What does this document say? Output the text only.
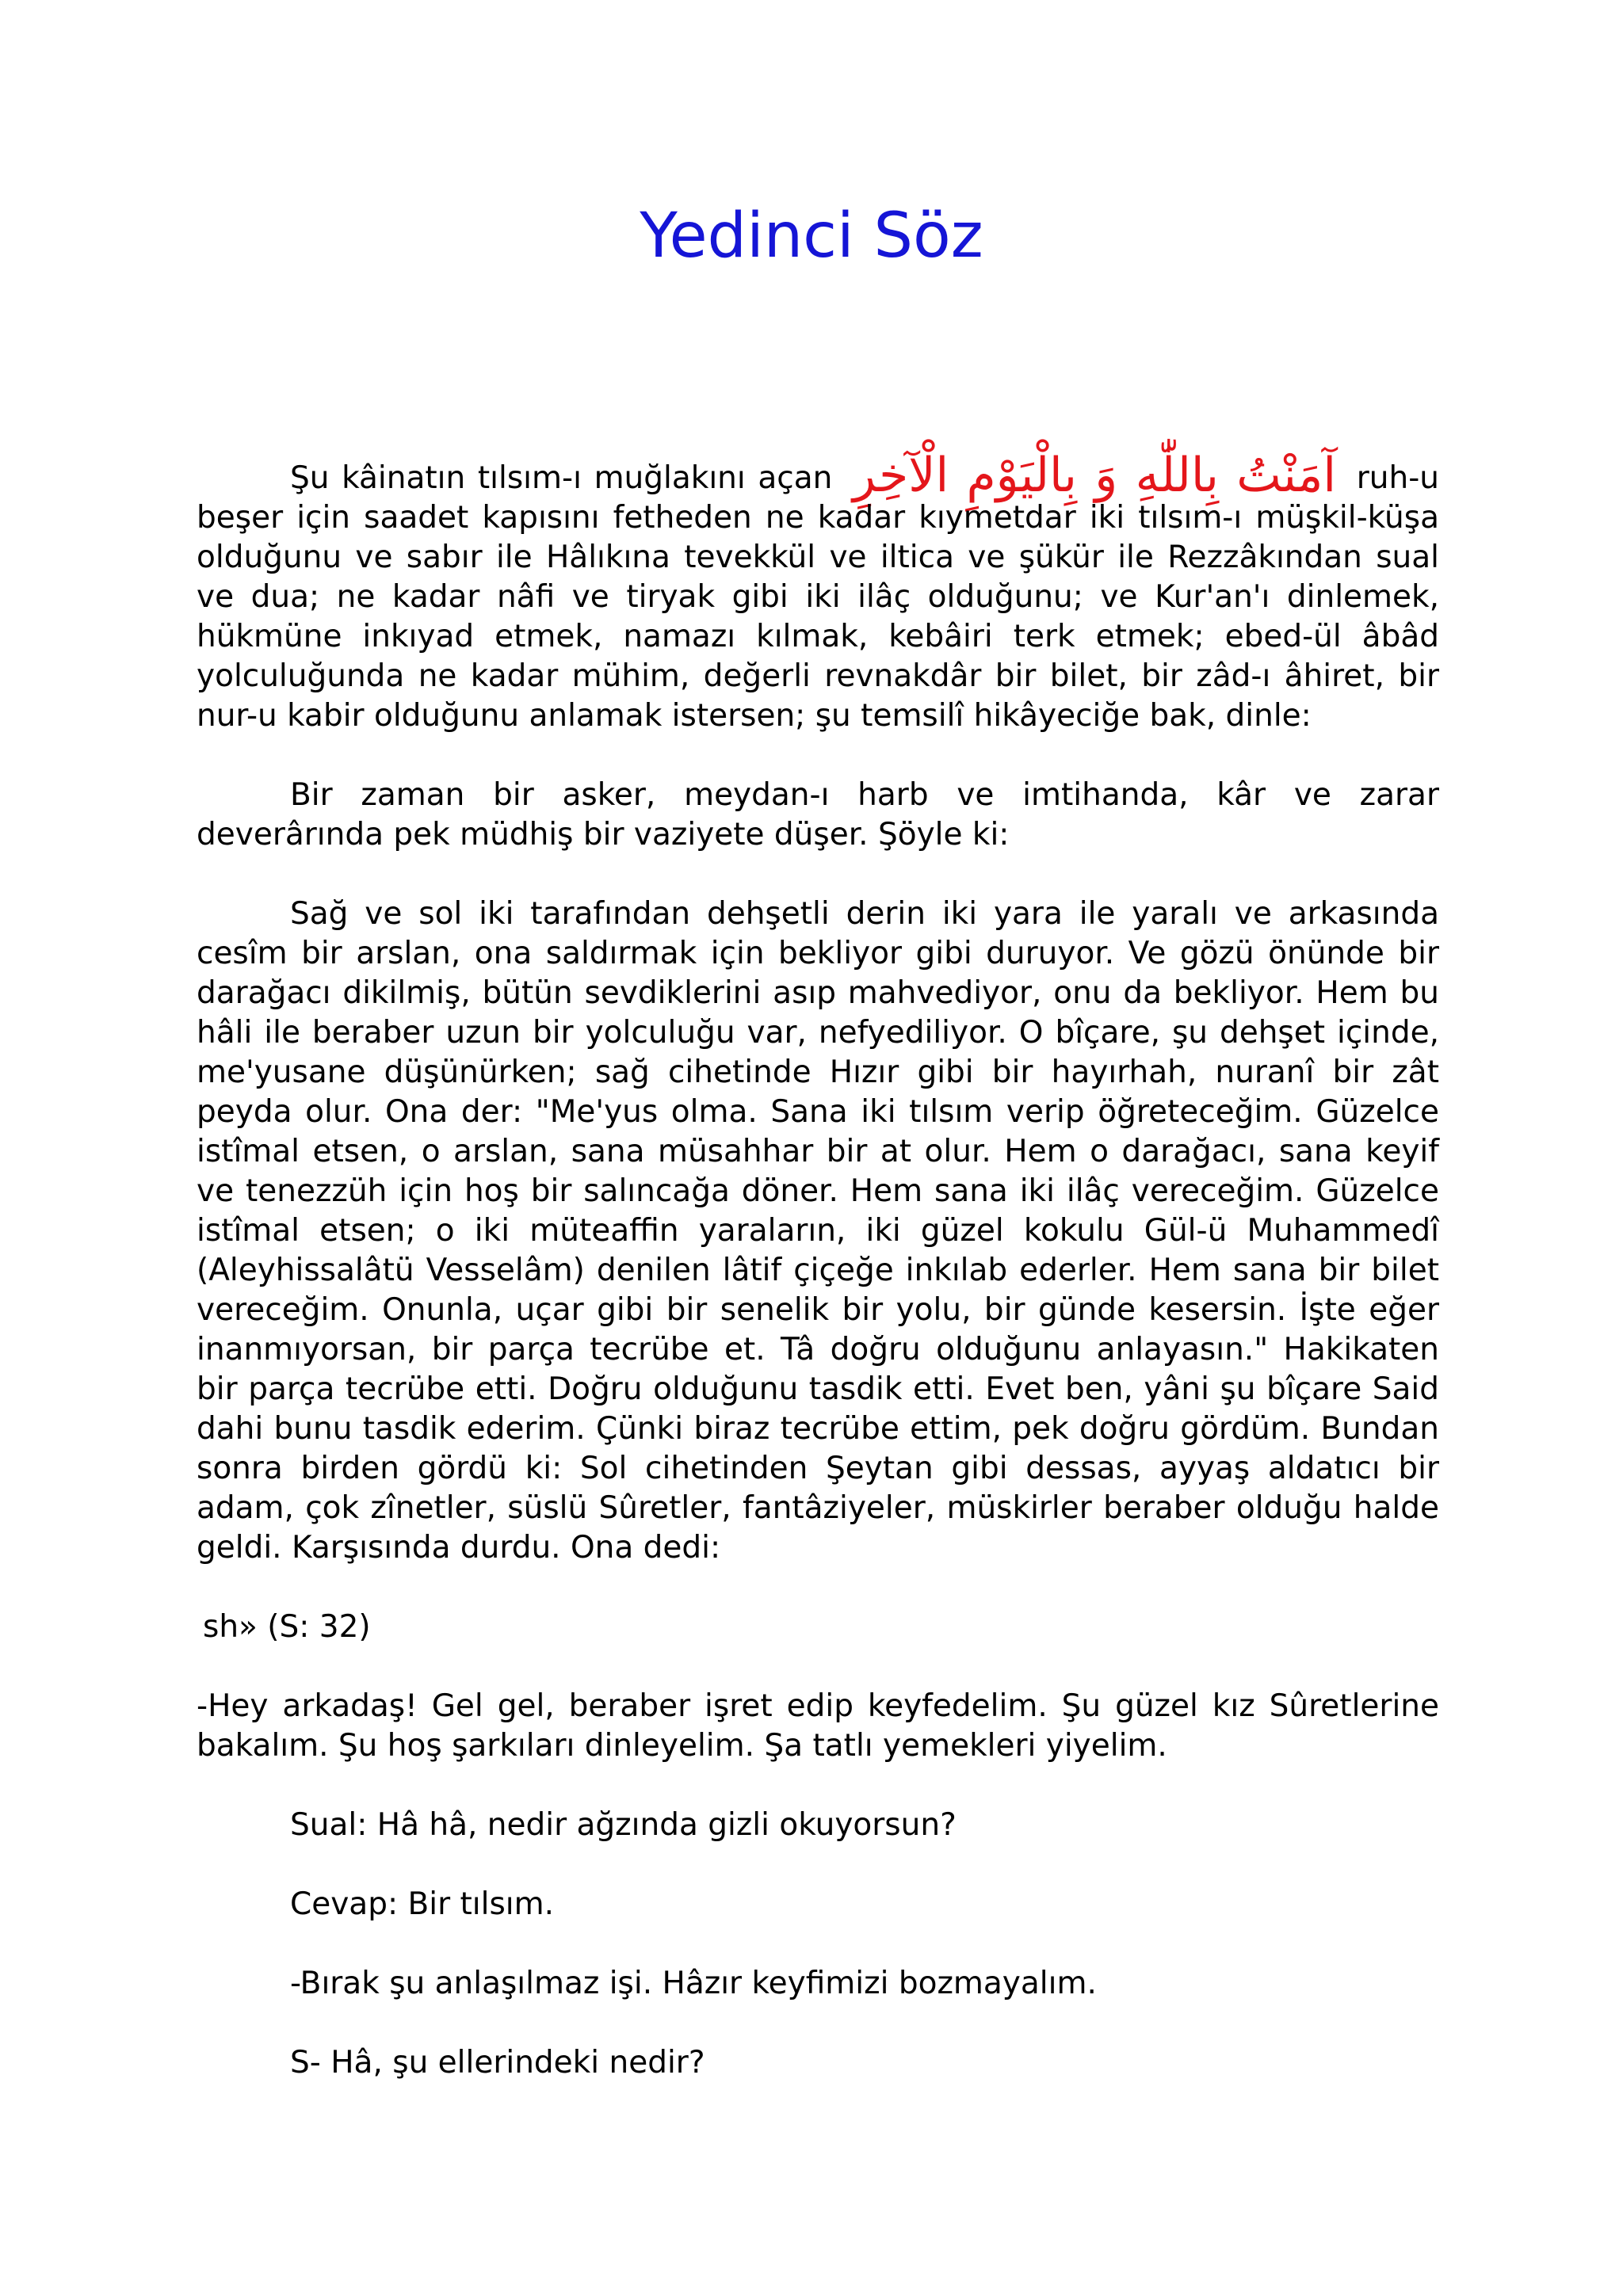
Yedinci Söz

Şu kâinatın tılsım-ı muğlakını açan آمَنْتُ بِاللّٰهِ وَ بِالْيَوْمِ الْآخِرِ ruh-u beşer için saadet kapısını fetheden ne kadar kıymetdar iki tılsım-ı müşkil-küşa olduğunu ve sabır ile Hâlıkına tevekkül ve iltica ve şükür ile Rezzâkından sual ve dua; ne kadar nâfi ve tiryak gibi iki ilâç olduğunu; ve Kur'an'ı dinlemek, hükmüne inkıyad etmek, namazı kılmak, kebâiri terk etmek; ebed-ül âbâd yolculuğunda ne kadar mühim, değerli revnakdâr bir bilet, bir zâd-ı âhiret, bir nur-u kabir olduğunu anlamak istersen; şu temsilî hikâyeciğe bak, dinle:

Bir zaman bir asker, meydan-ı harb ve imtihanda, kâr ve zarar deverârında pek müdhiş bir vaziyete düşer. Şöyle ki:

Sağ ve sol iki tarafından dehşetli derin iki yara ile yaralı ve arkasında cesîm bir arslan, ona saldırmak için bekliyor gibi duruyor. Ve gözü önünde bir darağacı dikilmiş, bütün sevdiklerini asıp mahvediyor, onu da bekliyor. Hem bu hâli ile beraber uzun bir yolculuğu var, nefyediliyor. O bîçare, şu dehşet içinde, me'yusane düşünürken; sağ cihetinde Hızır gibi bir hayırhah, nuranî bir zât peyda olur. Ona der: "Me'yus olma. Sana iki tılsım verip öğreteceğim. Güzelce istîmal etsen, o arslan, sana müsahhar bir at olur. Hem o darağacı, sana keyif ve tenezzüh için hoş bir salıncağa döner. Hem sana iki ilâç vereceğim. Güzelce istîmal etsen; o iki müteaffin yaraların, iki güzel kokulu Gül-ü Muhammedî (Aleyhissalâtü Vesselâm) denilen lâtif çiçeğe inkılab ederler. Hem sana bir bilet vereceğim. Onunla, uçar gibi bir senelik bir yolu, bir günde kesersin. İşte eğer inanmıyorsan, bir parça tecrübe et. Tâ doğru olduğunu anlayasın." Hakikaten bir parça tecrübe etti. Doğru olduğunu tasdik etti. Evet ben, yâni şu bîçare Said dahi bunu tasdik ederim. Çünki biraz tecrübe ettim, pek doğru gördüm. Bundan sonra birden gördü ki: Sol cihetinden Şeytan gibi dessas, ayyaş aldatıcı bir adam, çok zînetler, süslü Sûretler, fantâziyeler, müskirler beraber olduğu halde geldi. Karşısında durdu. Ona dedi:

sh» (S: 32)

-Hey arkadaş! Gel gel, beraber işret edip keyfedelim. Şu güzel kız Sûretlerine bakalım. Şu hoş şarkıları dinleyelim. Şa tatlı yemekleri yiyelim.

Sual: Hâ hâ, nedir ağzında gizli okuyorsun?

Cevap: Bir tılsım.

-Bırak şu anlaşılmaz işi. Hâzır keyfimizi bozmayalım.

S- Hâ, şu ellerindeki nedir?
